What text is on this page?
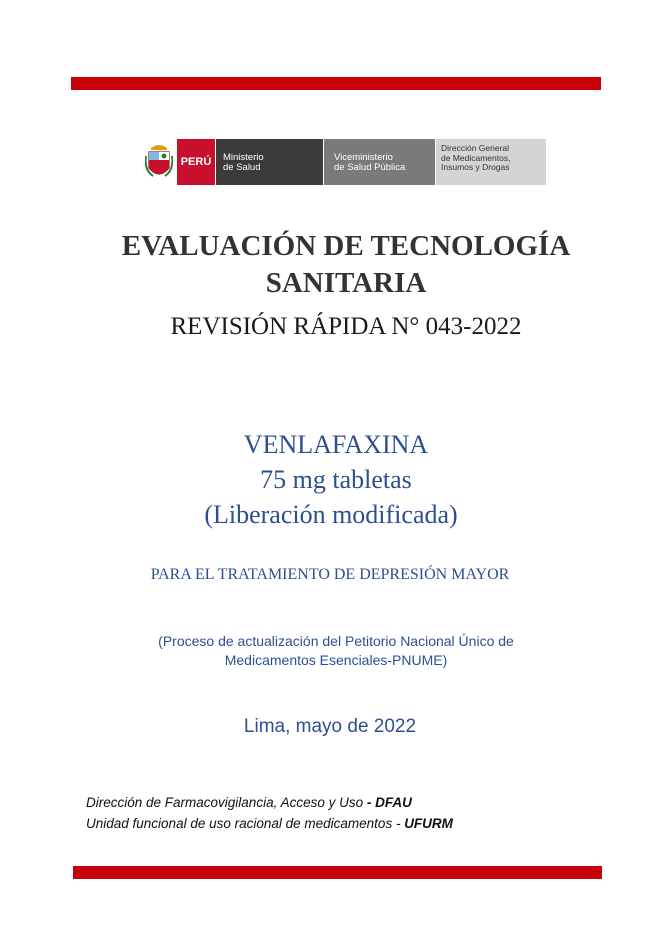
PERÚ	Ministerio
de Salud
Viceministerio
de Salud Pública
Dirección General
de Medicamentos,
Insumos y Drogas
EVALUACIÓN DE TECNOLOGÍA
SANITARIA
REVISIÓN RÁPIDA N° 043-2022
VENLAFAXINA
75 mg tabletas
(Liberación modificada)
PARA EL TRATAMIENTO DE DEPRESIÓN MAYOR
(Proceso de actualización del Petitorio Nacional Único de
Medicamentos Esenciales-PNUME)
Lima, mayo de 2022
Dirección de Farmacovigilancia, Acceso y Uso - DFAU
Unidad funcional de uso racional de medicamentos - UFURM
